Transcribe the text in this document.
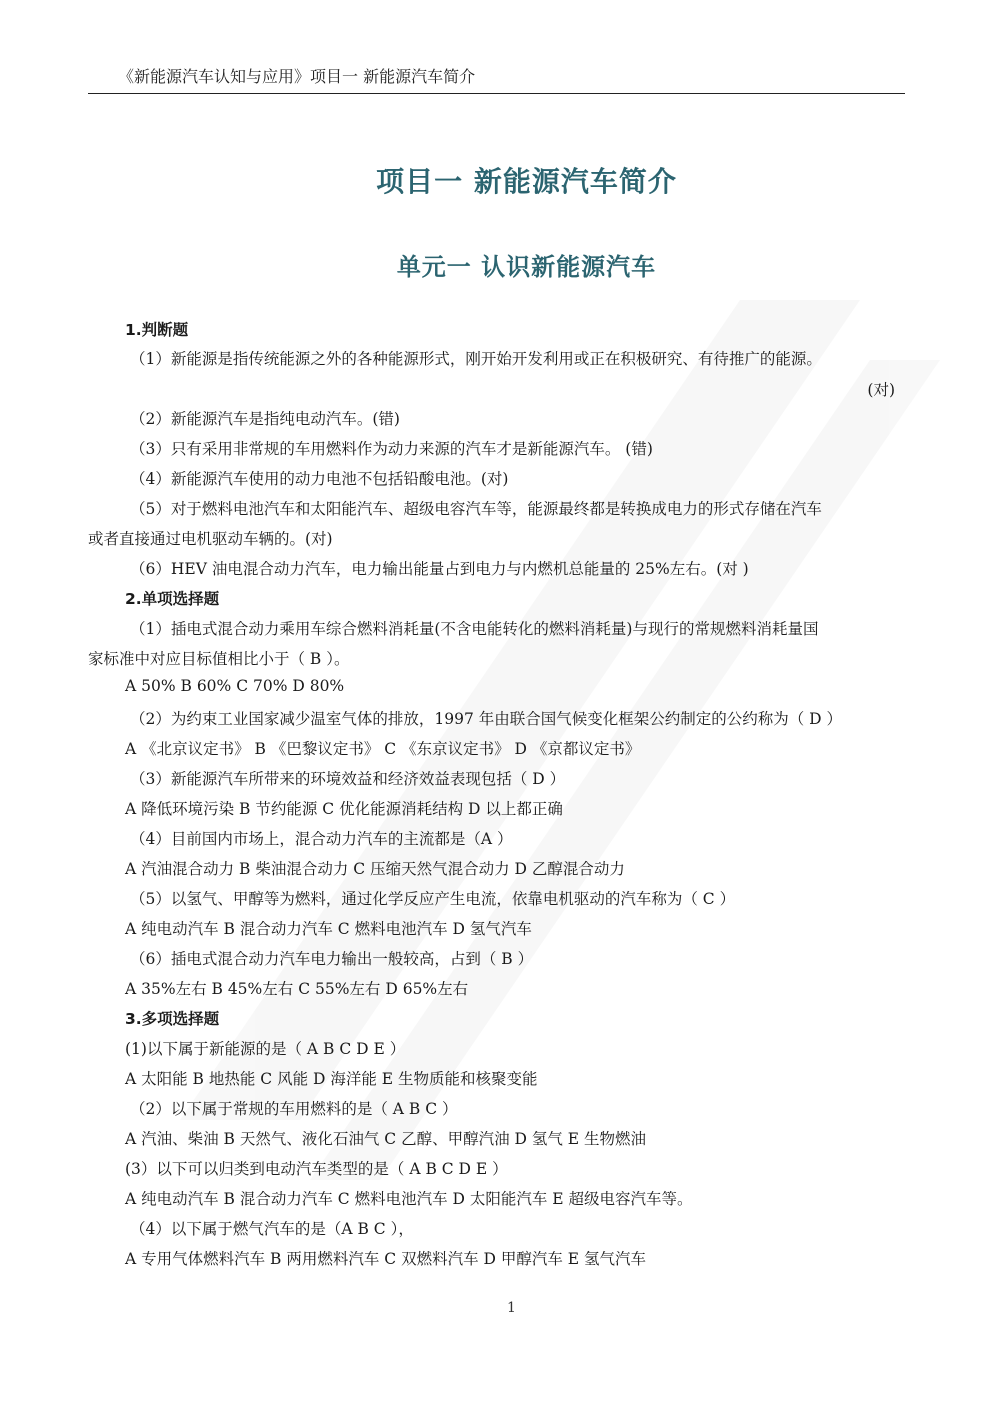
《新能源汽车认知与应用》项目一 新能源汽车简介
项目一 新能源汽车简介
单元一 认识新能源汽车
1.判断题
（1）新能源是指传统能源之外的各种能源形式，刚开始开发利用或正在积极研究、有待推广的能源。
(对)
（2）新能源汽车是指纯电动汽车。(错)
（3）只有采用非常规的车用燃料作为动力来源的汽车才是新能源汽车。 (错)
（4）新能源汽车使用的动力电池不包括铅酸电池。(对)
（5）对于燃料电池汽车和太阳能汽车、超级电容汽车等，能源最终都是转换成电力的形式存储在汽车
或者直接通过电机驱动车辆的。(对)
（6）HEV 油电混合动力汽车，电力输出能量占到电力与内燃机总能量的 25%左右。(对 )
2.单项选择题
（1）插电式混合动力乘用车综合燃料消耗量(不含电能转化的燃料消耗量)与现行的常规燃料消耗量国
家标准中对应目标值相比小于（ B ）。
A 50% B 60% C 70% D 80%
（2）为约束工业国家减少温室气体的排放，1997 年由联合国气候变化框架公约制定的公约称为（ D ）
A 《北京议定书》 B 《巴黎议定书》 C 《东京议定书》 D 《京都议定书》
（3）新能源汽车所带来的环境效益和经济效益表现包括（ D ）
A 降低环境污染 B 节约能源 C 优化能源消耗结构 D 以上都正确
（4）目前国内市场上，混合动力汽车的主流都是（A ）
A 汽油混合动力 B 柴油混合动力 C 压缩天然气混合动力 D 乙醇混合动力
（5）以氢气、甲醇等为燃料，通过化学反应产生电流，依靠电机驱动的汽车称为（ C ）
A 纯电动汽车 B 混合动力汽车 C 燃料电池汽车 D 氢气汽车
（6）插电式混合动力汽车电力输出一般较高，占到（ B ）
A 35%左右 B 45%左右 C 55%左右 D 65%左右
3.多项选择题
(1)以下属于新能源的是（ A B C D E ）
A 太阳能 B 地热能 C 风能 D 海洋能 E 生物质能和核聚变能
（2）以下属于常规的车用燃料的是（ A B C ）
A 汽油、柴油 B 天然气、液化石油气 C 乙醇、甲醇汽油 D 氢气 E 生物燃油
(3）以下可以归类到电动汽车类型的是（ A B C D E ）
A 纯电动汽车 B 混合动力汽车 C 燃料电池汽车 D 太阳能汽车 E 超级电容汽车等。
（4）以下属于燃气汽车的是（A B C ），
A 专用气体燃料汽车 B 两用燃料汽车 C 双燃料汽车 D 甲醇汽车 E 氢气汽车
1
